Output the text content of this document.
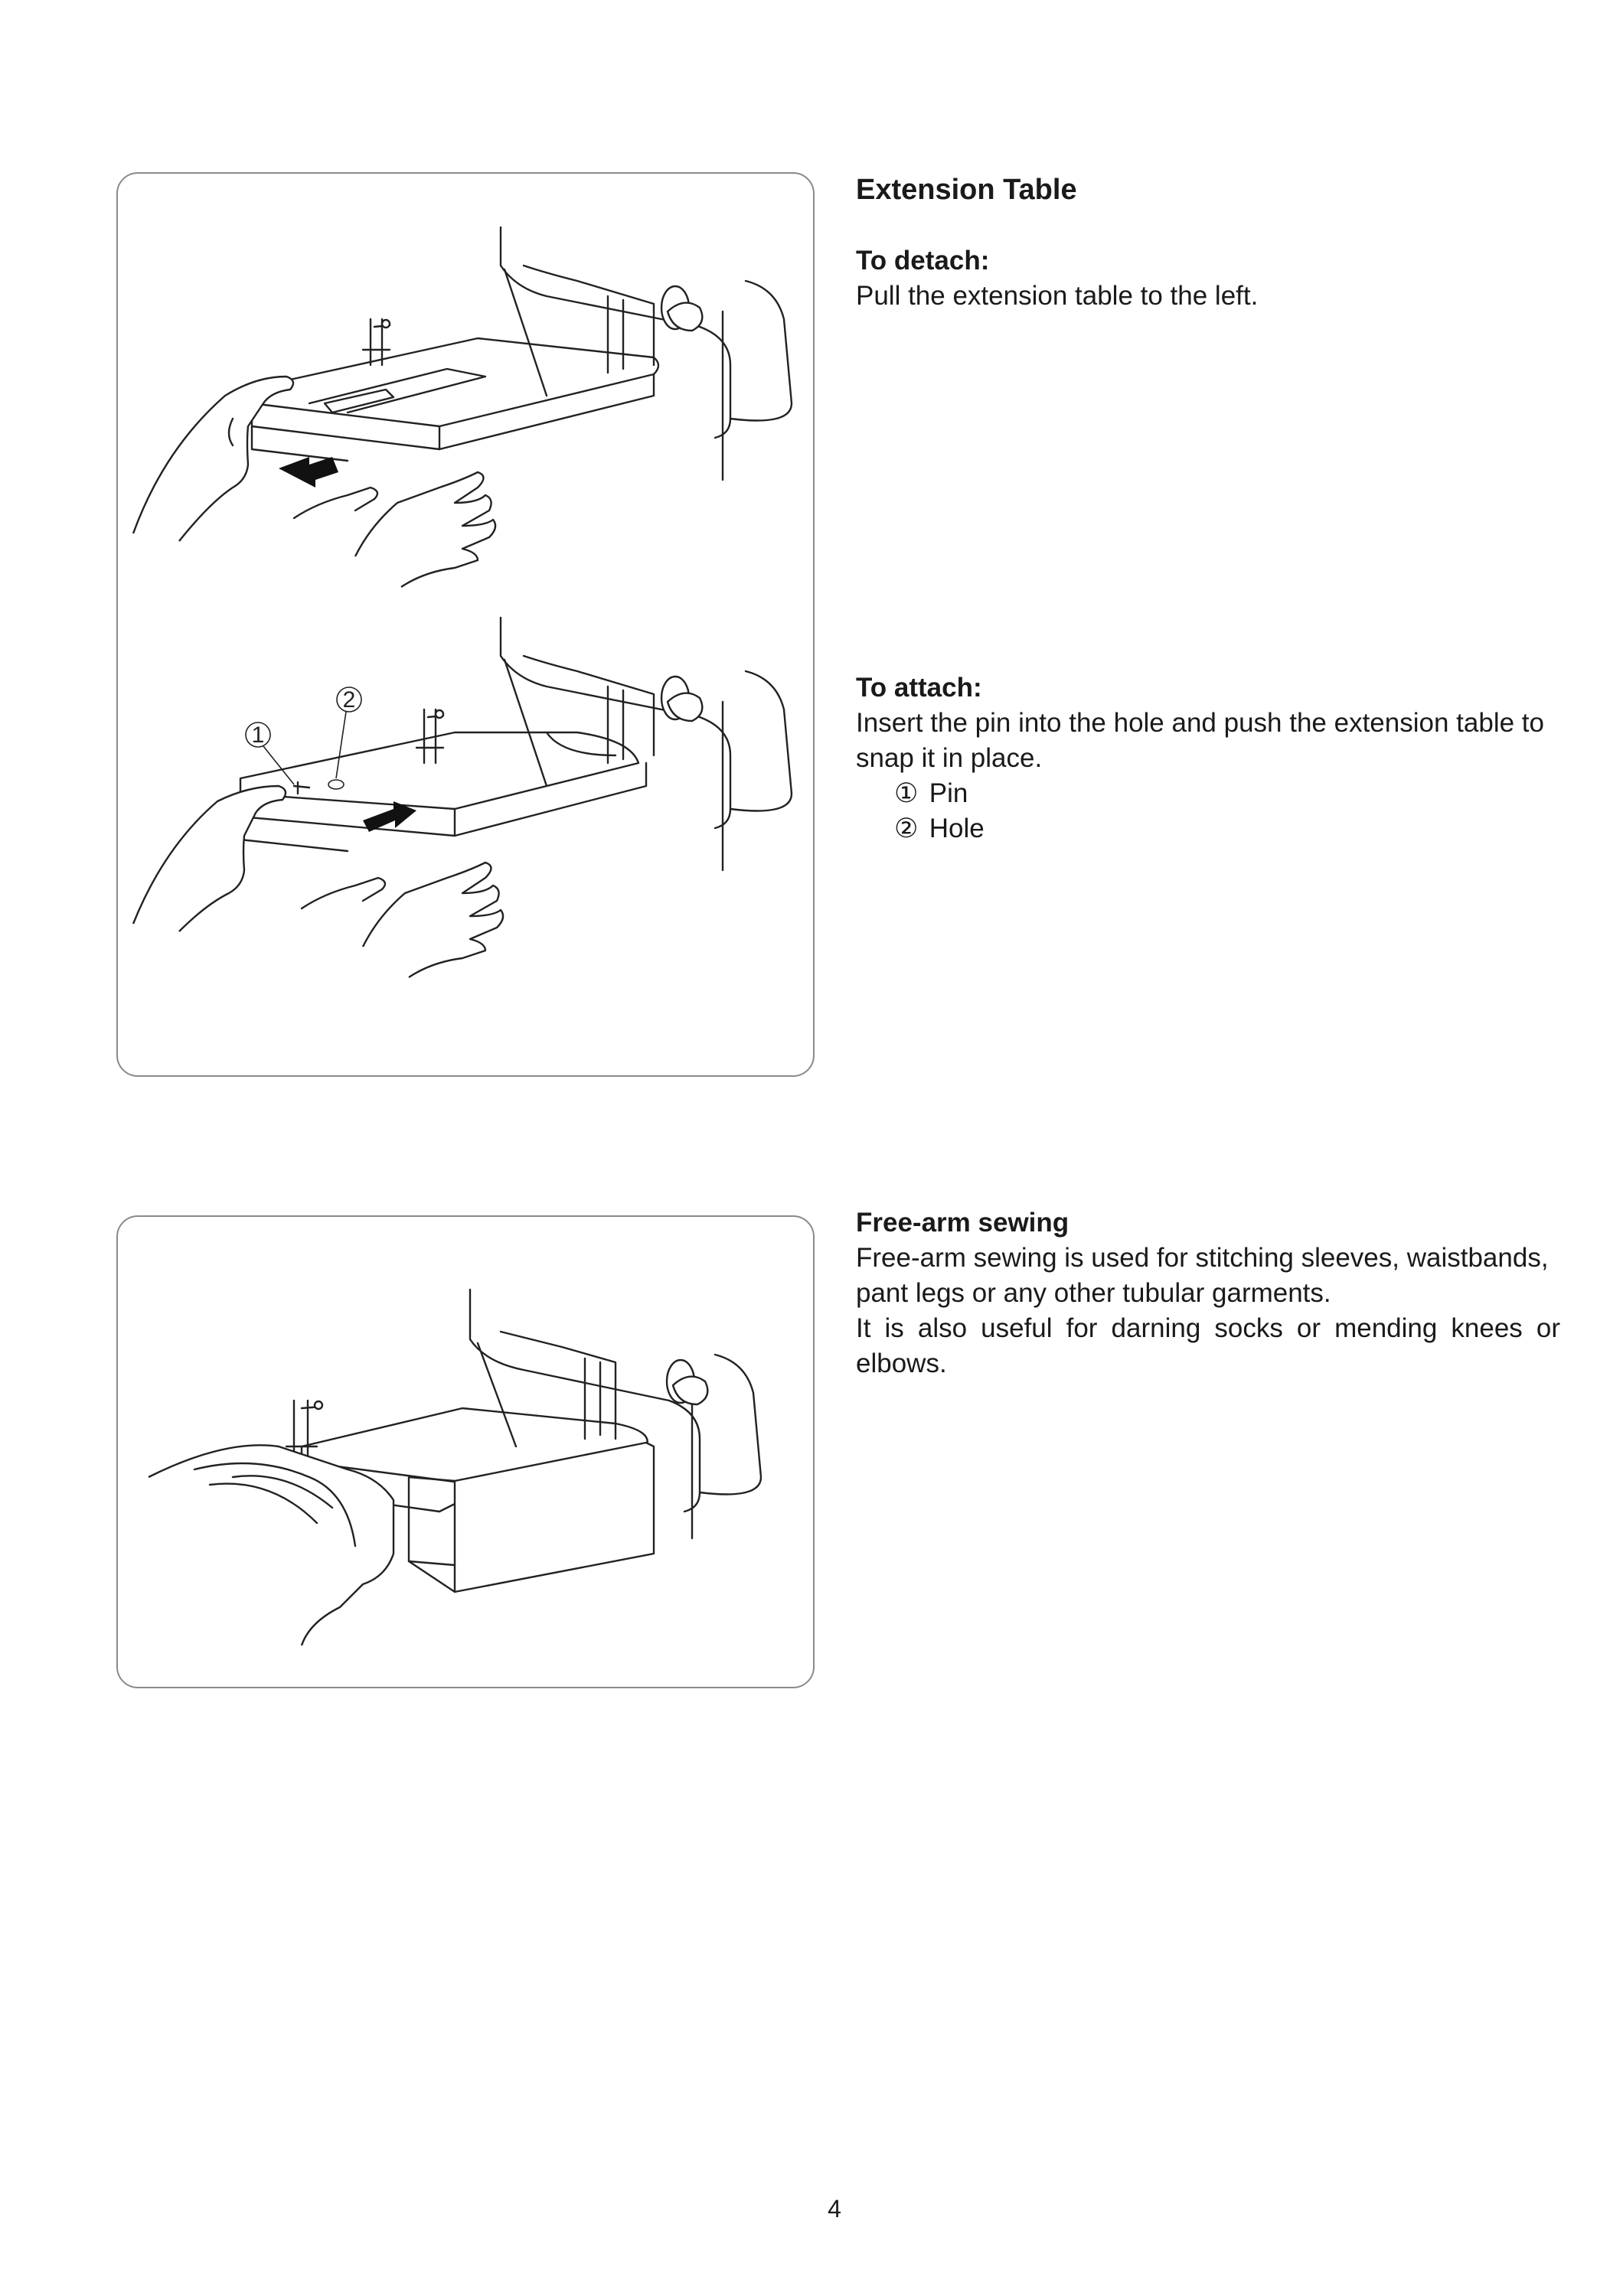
1
2

Extension Table

To detach:

Pull the extension table to the left.

To attach:

Insert the pin into the hole and push the extension table to snap it in place.

① Pin

② Hole

Free-arm sewing

Free-arm sewing is used for stitching sleeves, waistbands, pant legs or any other tubular garments.

It is also useful for darning socks or mending knees or elbows.

4
